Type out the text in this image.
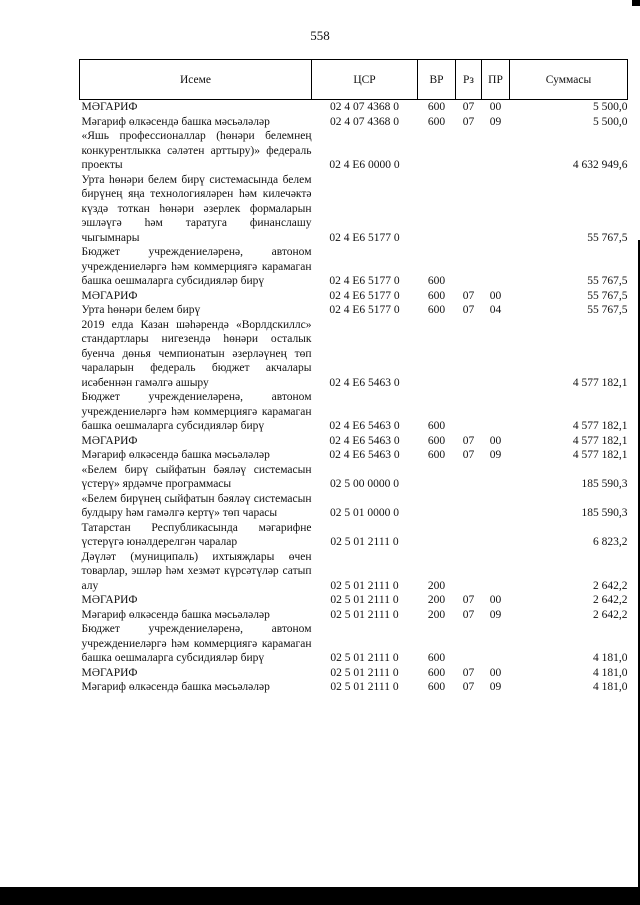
558
Исеме	ЦСР	ВР	Рз	ПР	Суммасы
МӘГАРИФ	02 4 07 4368 0	600	07	00	5 500,0
Мәгариф өлкәсендә башка мәсьәләләр	02 4 07 4368 0	600	07	09	5 500,0
«Яшь профессионаллар (һөнәри белемнең конкурентлыкка сәләтен арттыру)» федераль проекты	02 4 E6 0000 0				4 632 949,6
Урта һөнәри белем бирү системасында белем бирүнең яңа технологияләрен һәм килечәктә күздә тоткан һөнәри әзерлек формаларын эшләүгә һәм таратуга финанслашу чыгымнары	02 4 E6 5177 0				55 767,5
Бюджет учреждениеләренә, автоном учреждениеләргә һәм коммерциягә карамаган башка оешмаларга субсидияләр бирү	02 4 E6 5177 0	600			55 767,5
МӘГАРИФ	02 4 E6 5177 0	600	07	00	55 767,5
Урта һөнәри белем бирү	02 4 E6 5177 0	600	07	04	55 767,5
2019 елда Казан шәһәрендә «Ворлдскиллс» стандартлары нигезендә һөнәри осталык буенча дөнья чемпионатын әзерләүнең төп чараларын федераль бюджет акчалары исәбеннән гамәлгә ашыру	02 4 E6 5463 0				4 577 182,1
Бюджет учреждениеләренә, автоном учреждениеләргә һәм коммерциягә карамаган башка оешмаларга субсидияләр бирү	02 4 E6 5463 0	600			4 577 182,1
МӘГАРИФ	02 4 E6 5463 0	600	07	00	4 577 182,1
Мәгариф өлкәсендә башка мәсьәләләр	02 4 E6 5463 0	600	07	09	4 577 182,1
«Белем бирү сыйфатын бәяләү системасын үстерү» ярдәмче программасы	02 5 00 0000 0				185 590,3
«Белем бирүнең сыйфатын бәяләү системасын булдыру һәм гамәлгә кертү» төп чарасы	02 5 01 0000 0				185 590,3
Татарстан Республикасында мәгарифне үстерүгә юнәлдерелгән чаралар	02 5 01 2111 0				6 823,2
Дәүләт (муниципаль) ихтыяҗлары өчен товарлар, эшләр һәм хезмәт күрсәтүләр сатып алу	02 5 01 2111 0	200			2 642,2
МӘГАРИФ	02 5 01 2111 0	200	07	00	2 642,2
Мәгариф өлкәсендә башка мәсьәләләр	02 5 01 2111 0	200	07	09	2 642,2
Бюджет учреждениеләренә, автоном учреждениеләргә һәм коммерциягә карамаган башка оешмаларга субсидияләр бирү	02 5 01 2111 0	600			4 181,0
МӘГАРИФ	02 5 01 2111 0	600	07	00	4 181,0
Мәгариф өлкәсендә башка мәсьәләләр	02 5 01 2111 0	600	07	09	4 181,0
